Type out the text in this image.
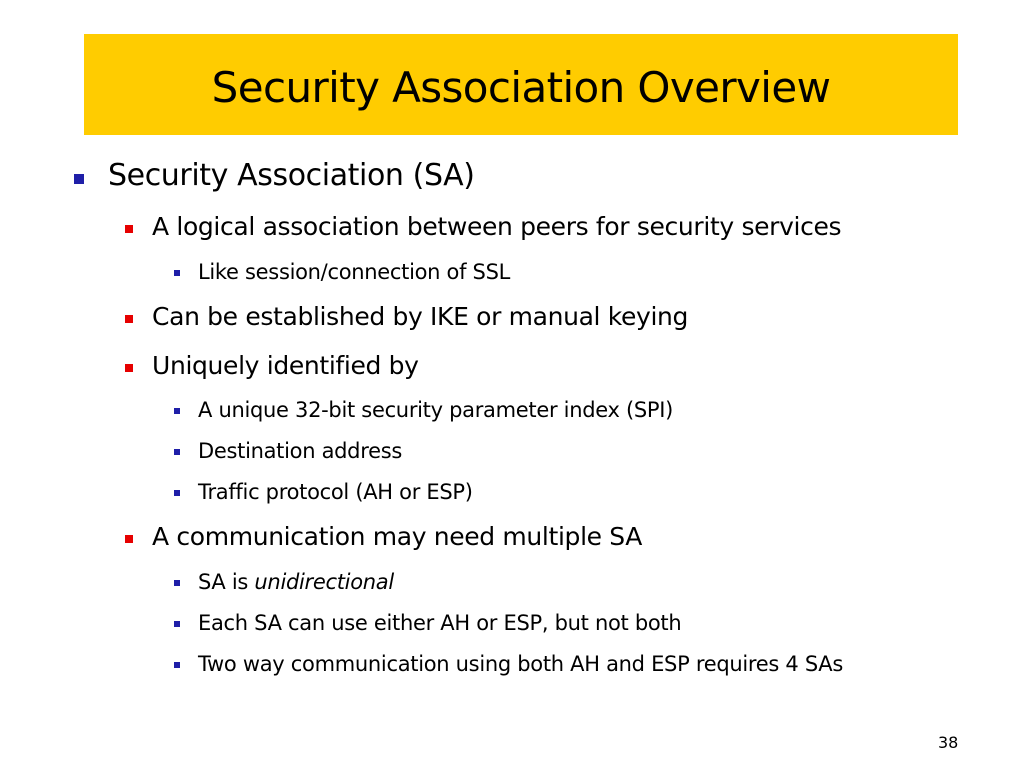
Security Association Overview
Security Association (SA)
A logical association between peers for security services
Like session/connection of SSL
Can be established by IKE or manual keying
Uniquely identified by
A unique 32-bit security parameter index (SPI)
Destination address
Traffic protocol (AH or ESP)
A communication may need multiple SA
SA is unidirectional
Each SA can use either AH or ESP, but not both
Two way communication using both AH and ESP requires 4 SAs
38
